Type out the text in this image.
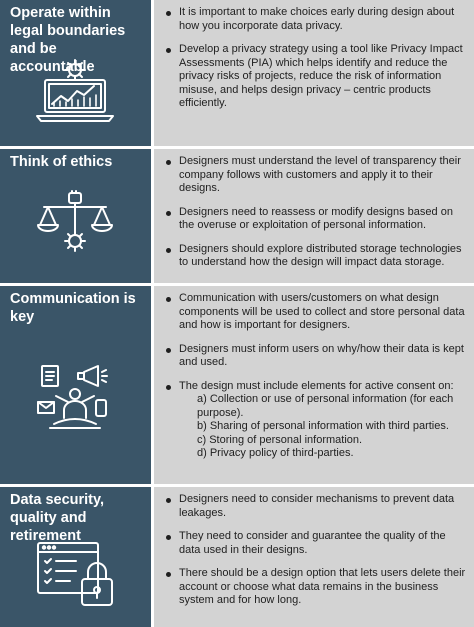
Operate within legal boundaries and be accountable

It is important to make choices early during design about how you incorporate data privacy.
Develop a privacy strategy using a tool like Privacy Impact Assessments (PIA) which helps identify and reduce the privacy risks of projects, reduce the risk of information misuse, and helps design privacy – centric products efficiently.

Think of ethics	Designers must understand the level of transparency their company follows with customers and apply it to their designs.
Designers need to reassess or modify designs based on the overuse or exploitation of personal information.
Designers should explore distributed storage technologies to understand how the design will impact data storage.

Communication is key

Communication with users/customers on what design components will be used to collect and store personal data and how is important for designers.
Designers must inform users on why/how their data is kept and used.
The design must include elements for active consent on:
a) Collection or use of personal information (for each purpose).
b) Sharing of personal information with third parties.
c) Storing of personal information.
d) Privacy policy of third-parties.

Data security, quality and retirement

Designers need to consider mechanisms to prevent data leakages.
They need to consider and guarantee the quality of the data used in their designs.
There should be a design option that lets users delete their account or choose what data remains in the business system and for how long.
